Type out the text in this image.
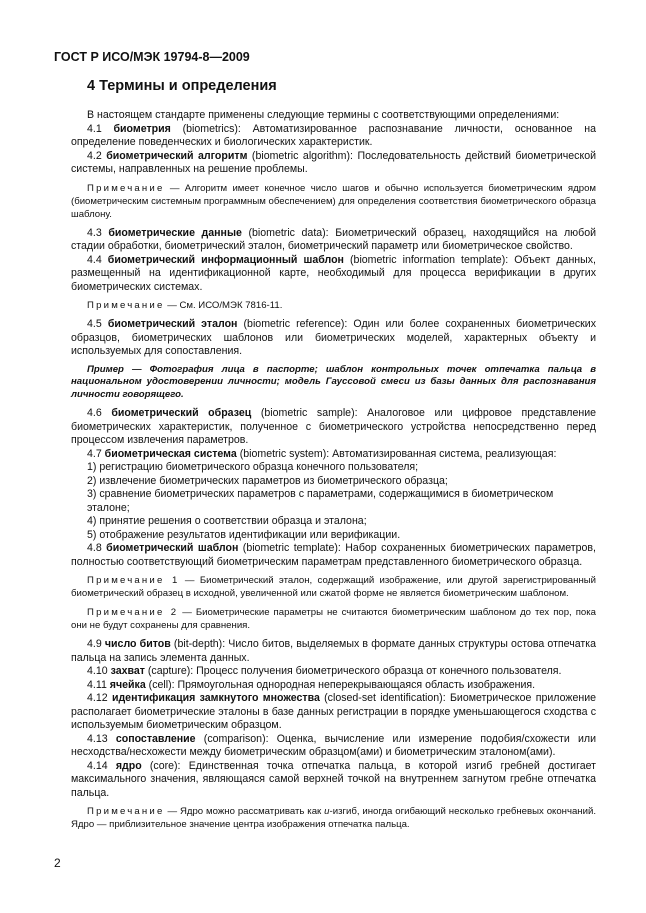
ГОСТ Р ИСО/МЭК 19794-8—2009
4 Термины и определения

В настоящем стандарте применены следующие термины с соответствующими определениями:

4.1 биометрия (biometrics): Автоматизированное распознавание личности, основанное на определение поведенческих и биологических характеристик.

4.2 биометрический алгоритм (biometric algorithm): Последовательность действий биометрической системы, направленных на решение проблемы.

Примечание — Алгоритм имеет конечное число шагов и обычно используется биометрическим ядром (биометрическим системным программным обеспечением) для определения соответствия биометрического образца шаблону.

4.3 биометрические данные (biometric data): Биометрический образец, находящийся на любой стадии обработки, биометрический эталон, биометрический параметр или биометрическое свойство.

4.4 биометрический информационный шаблон (biometric information template): Объект данных, размещенный на идентификационной карте, необходимый для процесса верификации в других биометрических системах.

Примечание — См. ИСО/МЭК 7816-11.

4.5 биометрический эталон (biometric reference): Один или более сохраненных биометрических образцов, биометрических шаблонов или биометрических моделей, характерных объекту и используемых для сопоставления.

Пример — Фотография лица в паспорте; шаблон контрольных точек отпечатка пальца в национальном удостоверении личности; модель Гауссовой смеси из базы данных для распознавания личности говорящего.

4.6 биометрический образец (biometric sample): Аналоговое или цифровое представление биометрических характеристик, полученное с биометрического устройства непосредственно перед процессом извлечения параметров.

4.7 биометрическая система (biometric system): Автоматизированная система, реализующая:

1) регистрацию биометрического образца конечного пользователя;

2) извлечение биометрических параметров из биометрического образца;

3) сравнение биометрических параметров с параметрами, содержащимися в биометрическом эталоне;

4) принятие решения о соответствии образца и эталона;

5) отображение результатов идентификации или верификации.

4.8 биометрический шаблон (biometric template): Набор сохраненных биометрических параметров, полностью соответствующий биометрическим параметрам представленного биометрического образца.

Примечание 1 — Биометрический эталон, содержащий изображение, или другой зарегистрированный биометрический образец в исходной, увеличенной или сжатой форме не является биометрическим шаблоном.

Примечание 2 — Биометрические параметры не считаются биометрическим шаблоном до тех пор, пока они не будут сохранены для сравнения.

4.9 число битов (bit-depth): Число битов, выделяемых в формате данных структуры остова отпечатка пальца на запись элемента данных.

4.10 захват (capture): Процесс получения биометрического образца от конечного пользователя.

4.11 ячейка (cell): Прямоугольная однородная неперекрывающаяся область изображения.

4.12 идентификация замкнутого множества (closed-set identification): Биометрическое приложение располагает биометрические эталоны в базе данных регистрации в порядке уменьшающегося сходства с используемым биометрическим образцом.

4.13 сопоставление (comparison): Оценка, вычисление или измерение подобия/схожести или несходства/несхожести между биометрическим образцом(ами) и биометрическим эталоном(ами).

4.14 ядро (core): Единственная точка отпечатка пальца, в которой изгиб гребней достигает максимального значения, являющаяся самой верхней точкой на внутреннем загнутом гребне отпечатка пальца.

Примечание — Ядро можно рассматривать как u-изгиб, иногда огибающий несколько гребневых окончаний. Ядро — приблизительное значение центра изображения отпечатка пальца.

2
